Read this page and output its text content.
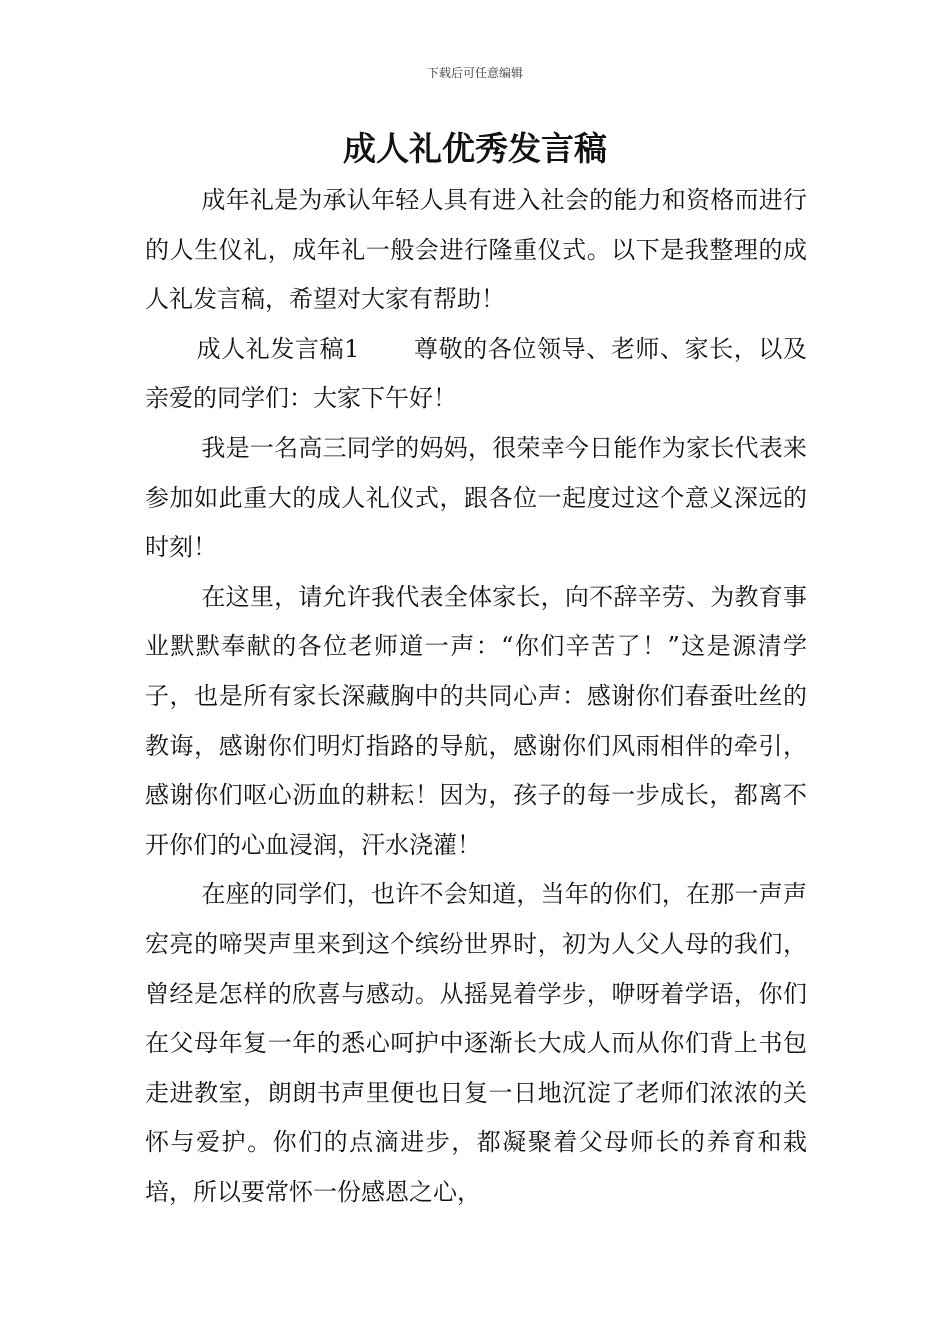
下载后可任意编辑
成人礼优秀发言稿

成年礼是为承认年轻人具有进入社会的能力和资格而进行的人生仪礼，成年礼一般会进行隆重仪式。以下是我整理的成人礼发言稿，希望对大家有帮助！

成人礼发言稿1 尊敬的各位领导、老师、家长，以及亲爱的同学们：大家下午好！

我是一名高三同学的妈妈，很荣幸今日能作为家长代表来参加如此重大的成人礼仪式，跟各位一起度过这个意义深远的时刻！

在这里，请允许我代表全体家长，向不辞辛劳、为教育事业默默奉献的各位老师道一声：“你们辛苦了！”这是源清学子，也是所有家长深藏胸中的共同心声：感谢你们春蚕吐丝的教诲，感谢你们明灯指路的导航，感谢你们风雨相伴的牵引，感谢你们呕心沥血的耕耘！因为，孩子的每一步成长，都离不开你们的心血浸润，汗水浇灌！

在座的同学们，也许不会知道，当年的你们，在那一声声宏亮的啼哭声里来到这个缤纷世界时，初为人父人母的我们，曾经是怎样的欣喜与感动。从摇晃着学步，咿呀着学语，你们在父母年复一年的悉心呵护中逐渐长大成人而从你们背上书包走进教室，朗朗书声里便也日复一日地沉淀了老师们浓浓的关怀与爱护。你们的点滴进步，都凝聚着父母师长的养育和栽培，所以要常怀一份感恩之心，
